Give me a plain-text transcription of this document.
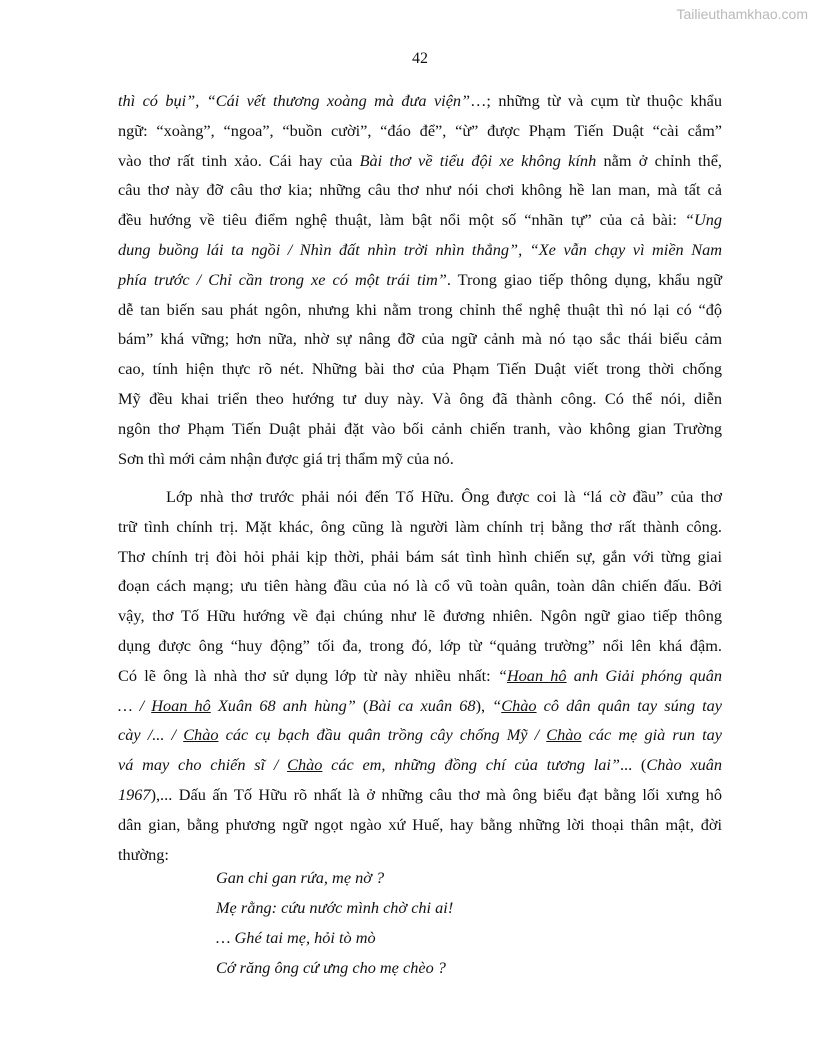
Tailieuthamkhao.com
42
thì có bụi”, “Cái vết thương xoàng mà đưa viện”…; những từ và cụm từ thuộc khẩu
ngữ: “xoàng”, “ngoa”, “buồn cười”, “đáo để”, “ừ” được Phạm Tiến Duật “cài cắm”
vào thơ rất tinh xảo. Cái hay của Bài thơ về tiểu đội xe không kính nằm ở chỉnh thể,
câu thơ này đỡ câu thơ kia; những câu thơ như nói chơi không hề lan man, mà tất cả
đều hướng về tiêu điểm nghệ thuật, làm bật nổi một số “nhãn tự” của cả bài: “Ung
dung buồng lái ta ngồi / Nhìn đất nhìn trời nhìn thẳng”, “Xe vẫn chạy vì miền Nam
phía trước / Chỉ cần trong xe có một trái tim”. Trong giao tiếp thông dụng, khẩu ngữ
dễ tan biến sau phát ngôn, nhưng khi nằm trong chỉnh thể nghệ thuật thì nó lại có “độ
bám” khá vững; hơn nữa, nhờ sự nâng đỡ của ngữ cảnh mà nó tạo sắc thái biểu cảm
cao, tính hiện thực rõ nét. Những bài thơ của Phạm Tiến Duật viết trong thời chống
Mỹ đều khai triển theo hướng tư duy này. Và ông đã thành công. Có thể nói, diễn
ngôn thơ Phạm Tiến Duật phải đặt vào bối cảnh chiến tranh, vào không gian Trường
Sơn thì mới cảm nhận được giá trị thẩm mỹ của nó.
Lớp nhà thơ trước phải nói đến Tố Hữu. Ông được coi là “lá cờ đầu” của thơ
trữ tình chính trị. Mặt khác, ông cũng là người làm chính trị bằng thơ rất thành công.
Thơ chính trị đòi hỏi phải kịp thời, phải bám sát tình hình chiến sự, gắn với từng giai
đoạn cách mạng; ưu tiên hàng đầu của nó là cổ vũ toàn quân, toàn dân chiến đấu. Bởi
vậy, thơ Tố Hữu hướng về đại chúng như lẽ đương nhiên. Ngôn ngữ giao tiếp thông
dụng được ông “huy động” tối đa, trong đó, lớp từ “quảng trường” nổi lên khá đậm.
Có lẽ ông là nhà thơ sử dụng lớp từ này nhiều nhất: “Hoan hô anh Giải phóng quân
… / Hoan hô Xuân 68 anh hùng” (Bài ca xuân 68), “Chào cô dân quân tay súng tay
cày /... / Chào các cụ bạch đầu quân trồng cây chống Mỹ / Chào các mẹ già run tay
vá may cho chiến sĩ / Chào các em, những đồng chí của tương lai”... (Chào xuân
1967),... Dấu ấn Tố Hữu rõ nhất là ở những câu thơ mà ông biểu đạt bằng lối xưng hô
dân gian, bằng phương ngữ ngọt ngào xứ Huế, hay bằng những lời thoại thân mật, đời
thường:
Gan chi gan rứa, mẹ nờ ?
Mẹ rằng: cứu nước mình chờ chi ai!
… Ghé tai mẹ, hỏi tò mò
Cớ răng ông cứ ưng cho mẹ chèo ?
